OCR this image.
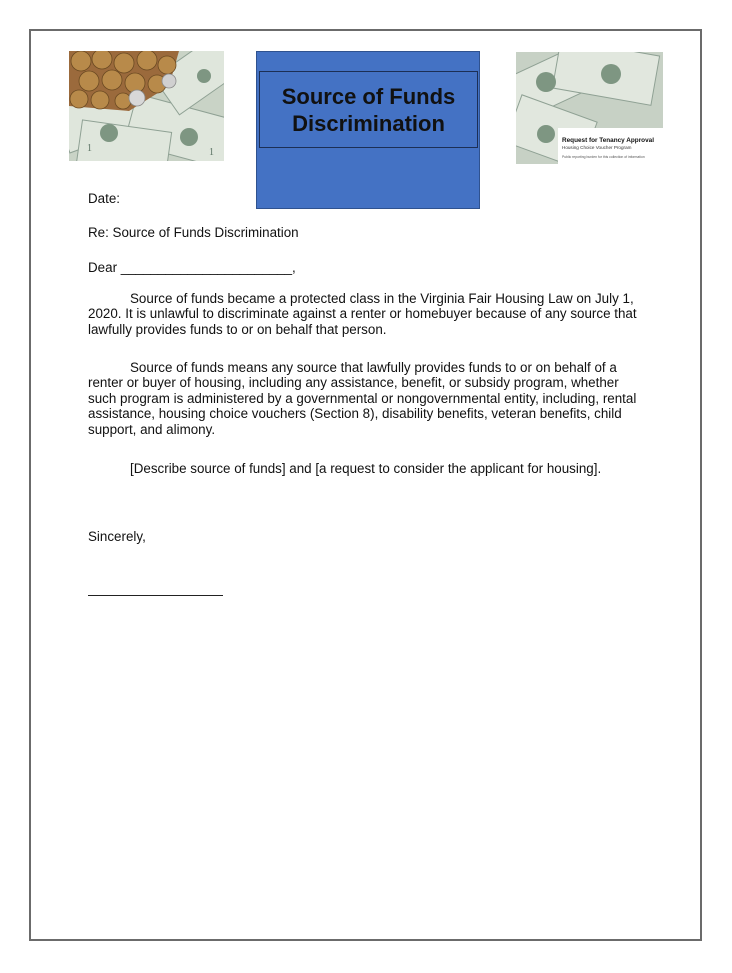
1	1
Source of Funds
Discrimination
Request for Tenancy Approval
Housing Choice Voucher Program
Public reporting burden for this collection of information
Date:
Re: Source of Funds Discrimination
Dear _______________________,
Source of funds became a protected class in the Virginia Fair Housing Law on July 1, 2020. It is unlawful to discriminate against a renter or homebuyer because of any source that lawfully provides funds to or on behalf that person.
Source of funds means any source that lawfully provides funds to or on behalf of a renter or buyer of housing, including any assistance, benefit, or subsidy program, whether such program is administered by a governmental or nongovernmental entity, including, rental assistance, housing choice vouchers (Section 8), disability benefits, veteran benefits, child support, and alimony.
[Describe source of funds] and [a request to consider the applicant for housing].
Sincerely,
